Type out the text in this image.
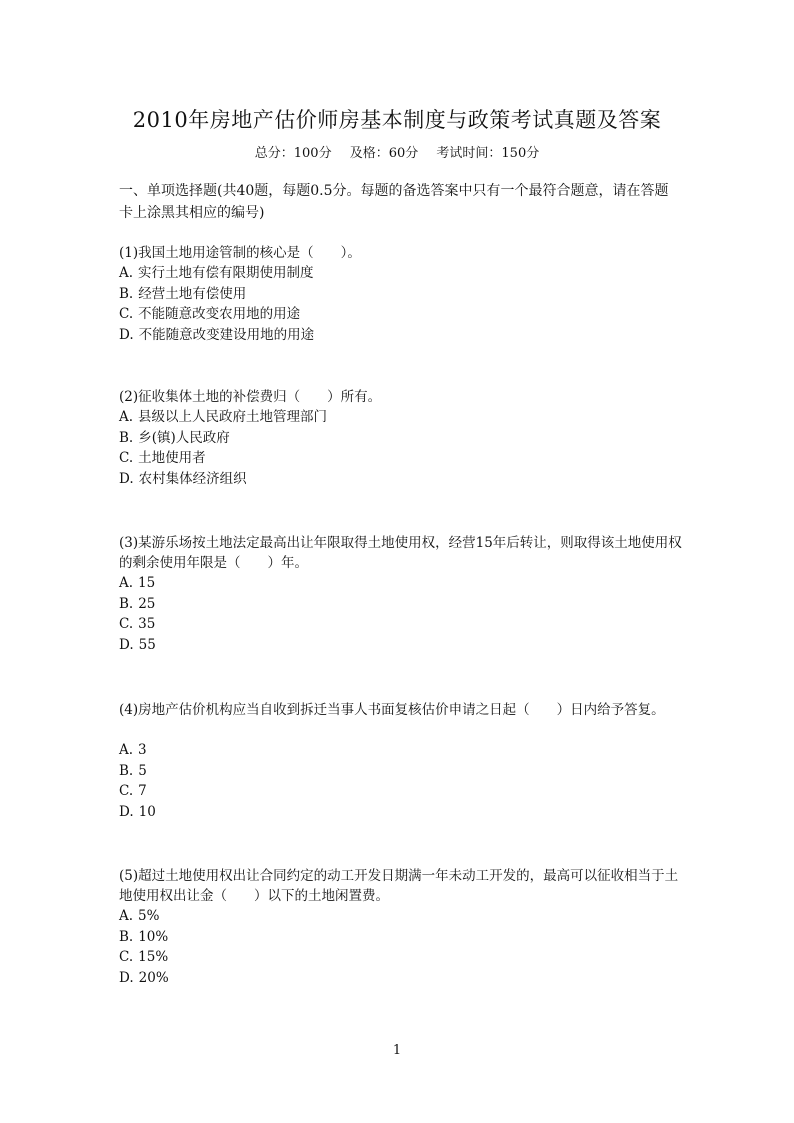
2010年房地产估价师房基本制度与政策考试真题及答案
总分：100分 及格：60分 考试时间：150分
一、单项选择题(共40题，每题0.5分。每题的备选答案中只有一个最符合题意，请在答题卡上涂黑其相应的编号)

(1)我国土地用途管制的核心是（　　）。

A. 实行土地有偿有限期使用制度
B. 经营土地有偿使用
C. 不能随意改变农用地的用途
D. 不能随意改变建设用地的用途

(2)征收集体土地的补偿费归（　　）所有。

A. 县级以上人民政府土地管理部门
B. 乡(镇)人民政府
C. 土地使用者
D. 农村集体经济组织

(3)某游乐场按土地法定最高出让年限取得土地使用权，经营15年后转让，则取得该土地使用权的剩余使用年限是（　　）年。

A. 15
B. 25
C. 35
D. 55

(4)房地产估价机构应当自收到拆迁当事人书面复核估价申请之日起（　　）日内给予答复。

A. 3
B. 5
C. 7
D. 10

(5)超过土地使用权出让合同约定的动工开发日期满一年未动工开发的，最高可以征收相当于土地使用权出让金（　　）以下的土地闲置费。

A. 5%
B. 10%
C. 15%
D. 20%
1
